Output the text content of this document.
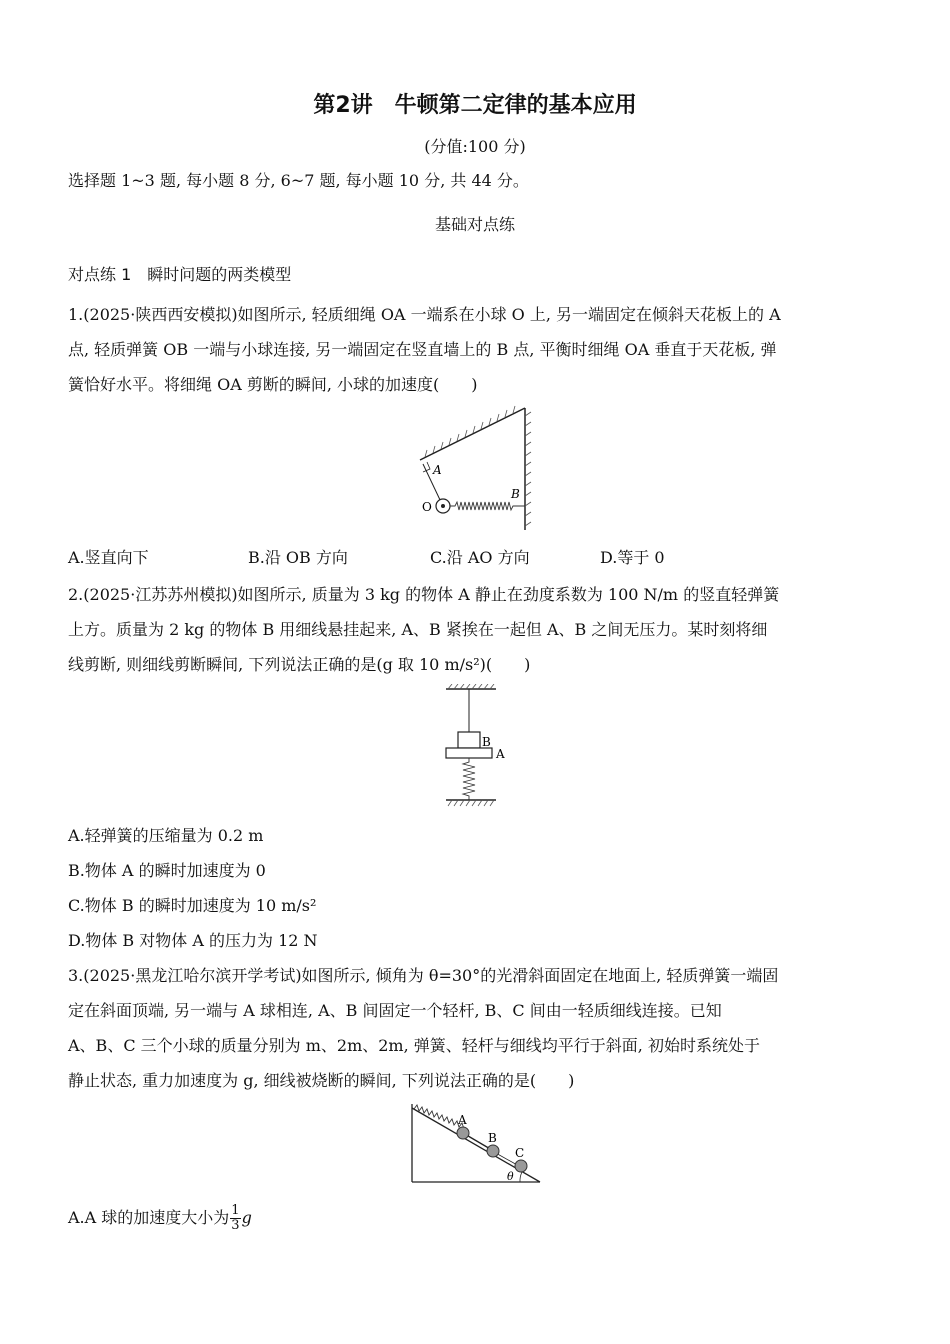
第2讲　牛顿第二定律的基本应用
(分值:100 分)
选择题 1~3 题, 每小题 8 分, 6~7 题, 每小题 10 分, 共 44 分。
基础对点练
对点练 1　瞬时问题的两类模型
1.(2025·陕西西安模拟)如图所示, 轻质细绳 OA 一端系在小球 O 上, 另一端固定在倾斜天花板上的 A
点, 轻质弹簧 OB 一端与小球连接, 另一端固定在竖直墙上的 B 点, 平衡时细绳 OA 垂直于天花板, 弹
簧恰好水平。将细绳 OA 剪断的瞬间, 小球的加速度(　　)
A
B
O
A.竖直向下	B.沿 OB 方向	C.沿 AO 方向	D.等于 0
2.(2025·江苏苏州模拟)如图所示, 质量为 3 kg 的物体 A 静止在劲度系数为 100 N/m 的竖直轻弹簧
上方。质量为 2 kg 的物体 B 用细线悬挂起来, A、B 紧挨在一起但 A、B 之间无压力。某时刻将细
线剪断, 则细线剪断瞬间, 下列说法正确的是(g 取 10 m/s²)(　　)
B
A
A.轻弹簧的压缩量为 0.2 m
B.物体 A 的瞬时加速度为 0
C.物体 B 的瞬时加速度为 10 m/s²
D.物体 B 对物体 A 的压力为 12 N
3.(2025·黑龙江哈尔滨开学考试)如图所示, 倾角为 θ=30°的光滑斜面固定在地面上, 轻质弹簧一端固
定在斜面顶端, 另一端与 A 球相连, A、B 间固定一个轻杆, B、C 间由一轻质细线连接。已知
A、B、C 三个小球的质量分别为 m、2m、2m, 弹簧、轻杆与细线均平行于斜面, 初始时系统处于
静止状态, 重力加速度为 g, 细线被烧断的瞬间, 下列说法正确的是(　　)
A
B
C
θ
A.A 球的加速度大小为 $\frac{1}{3}$ g
